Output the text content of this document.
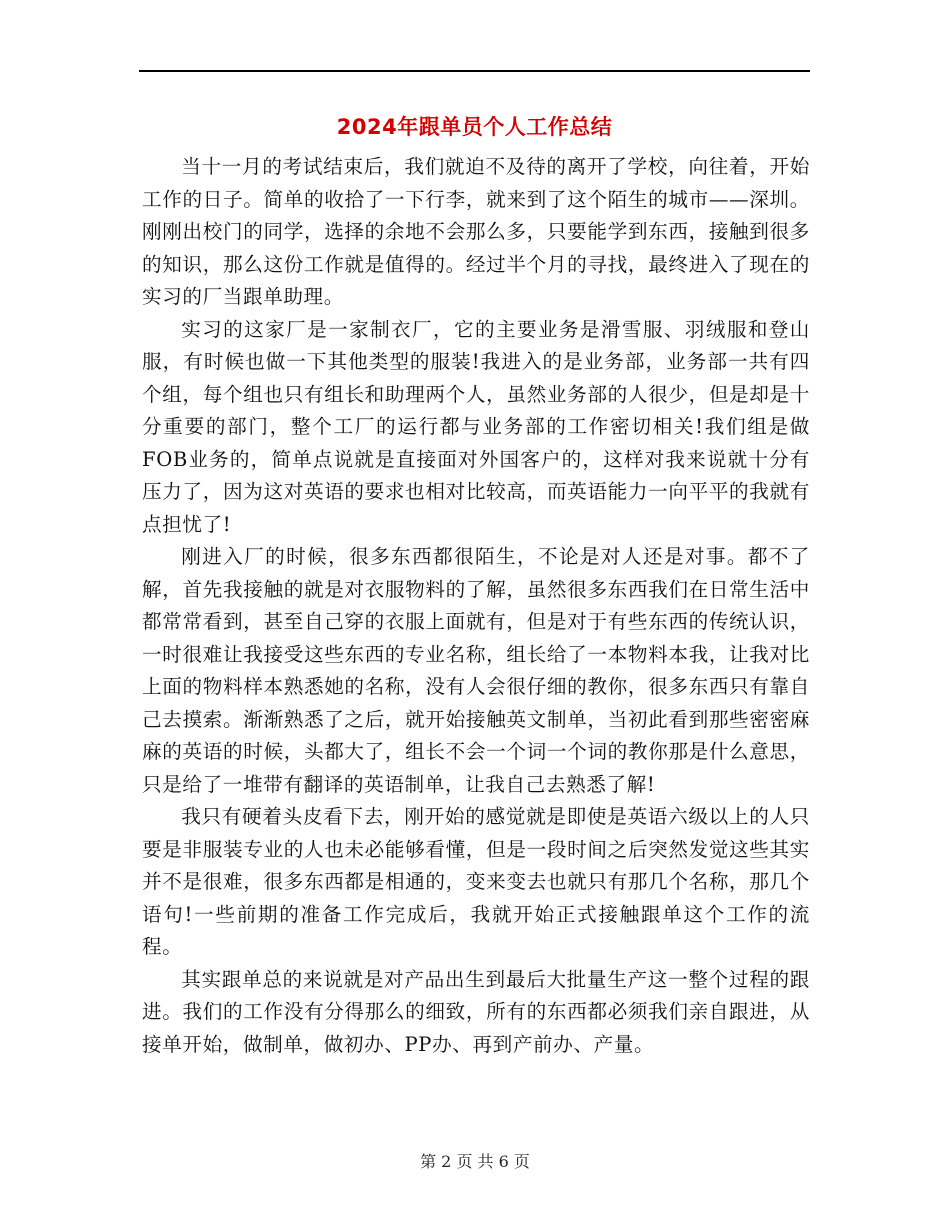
2024年跟单员个人工作总结

当十一月的考试结束后，我们就迫不及待的离开了学校，向往着，开始工作的日子。简单的收拾了一下行李，就来到了这个陌生的城市——深圳。刚刚出校门的同学，选择的余地不会那么多，只要能学到东西，接触到很多的知识，那么这份工作就是值得的。经过半个月的寻找，最终进入了现在的实习的厂当跟单助理。

实习的这家厂是一家制衣厂，它的主要业务是滑雪服、羽绒服和登山服，有时候也做一下其他类型的服装!我进入的是业务部，业务部一共有四个组，每个组也只有组长和助理两个人，虽然业务部的人很少，但是却是十分重要的部门，整个工厂的运行都与业务部的工作密切相关!我们组是做FOB业务的，简单点说就是直接面对外国客户的，这样对我来说就十分有压力了，因为这对英语的要求也相对比较高，而英语能力一向平平的我就有点担忧了!

刚进入厂的时候，很多东西都很陌生，不论是对人还是对事。都不了解，首先我接触的就是对衣服物料的了解，虽然很多东西我们在日常生活中都常常看到，甚至自己穿的衣服上面就有，但是对于有些东西的传统认识，一时很难让我接受这些东西的专业名称，组长给了一本物料本我，让我对比上面的物料样本熟悉她的名称，没有人会很仔细的教你，很多东西只有靠自己去摸索。渐渐熟悉了之后，就开始接触英文制单，当初此看到那些密密麻麻的英语的时候，头都大了，组长不会一个词一个词的教你那是什么意思，只是给了一堆带有翻译的英语制单，让我自己去熟悉了解!

我只有硬着头皮看下去，刚开始的感觉就是即使是英语六级以上的人只要是非服装专业的人也未必能够看懂，但是一段时间之后突然发觉这些其实并不是很难，很多东西都是相通的，变来变去也就只有那几个名称，那几个语句!一些前期的准备工作完成后，我就开始正式接触跟单这个工作的流程。

其实跟单总的来说就是对产品出生到最后大批量生产这一整个过程的跟进。我们的工作没有分得那么的细致，所有的东西都必须我们亲自跟进，从接单开始，做制单，做初办、PP办、再到产前办、产量。

第 2 页 共 6 页
